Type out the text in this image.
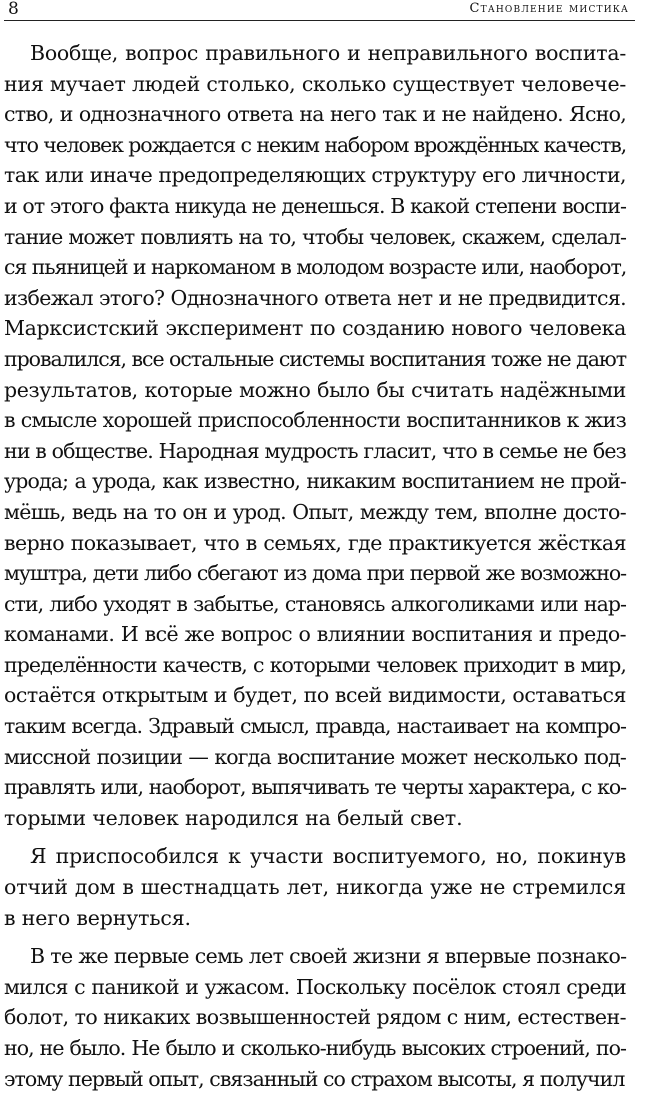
8	Становление мистика

Вообще, вопрос правильного и неправильного воспита-
ния мучает людей столько, сколько существует человече-
ство, и однозначного ответа на него так и не найдено. Ясно,
что человек рождается с неким набором врождённых качеств,
так или иначе предопределяющих структуру его личности,
и от этого факта никуда не денешься. В какой степени воспи-
тание может повлиять на то, чтобы человек, скажем, сделал-
ся пьяницей и наркоманом в молодом возрасте или, наоборот,
избежал этого? Однозначного ответа нет и не предвидится.
Марксистский эксперимент по созданию нового человека
провалился, все остальные системы воспитания тоже не дают
результатов, которые можно было бы считать надёжными
в смысле хорошей приспособленности воспитанников к жиз
ни в обществе. Народная мудрость гласит, что в семье не без
урода; а урода, как известно, никаким воспитанием не прой-
мёшь, ведь на то он и урод. Опыт, между тем, вполне досто-
верно показывает, что в семьях, где практикуется жёсткая
муштра, дети либо сбегают из дома при первой же возможно-
сти, либо уходят в забытье, становясь алкоголиками или нар-
команами. И всё же вопрос о влиянии воспитания и предо-
пределённости качеств, с которыми человек приходит в мир,
остаётся открытым и будет, по всей видимости, оставаться
таким всегда. Здравый смысл, правда, настаивает на компро-
миссной позиции — когда воспитание может несколько под-
правлять или, наоборот, выпячивать те черты характера, с ко-
торыми человек народился на белый свет.

Я приспособился к участи воспитуемого, но, покинув
отчий дом в шестнадцать лет, никогда уже не стремился
в него вернуться.

В те же первые семь лет своей жизни я впервые познако-
мился с паникой и ужасом. Поскольку посёлок стоял среди
болот, то никаких возвышенностей рядом с ним, естествен-
но, не было. Не было и сколько-нибудь высоких строений, по-
этому первый опыт, связанный со страхом высоты, я получил
